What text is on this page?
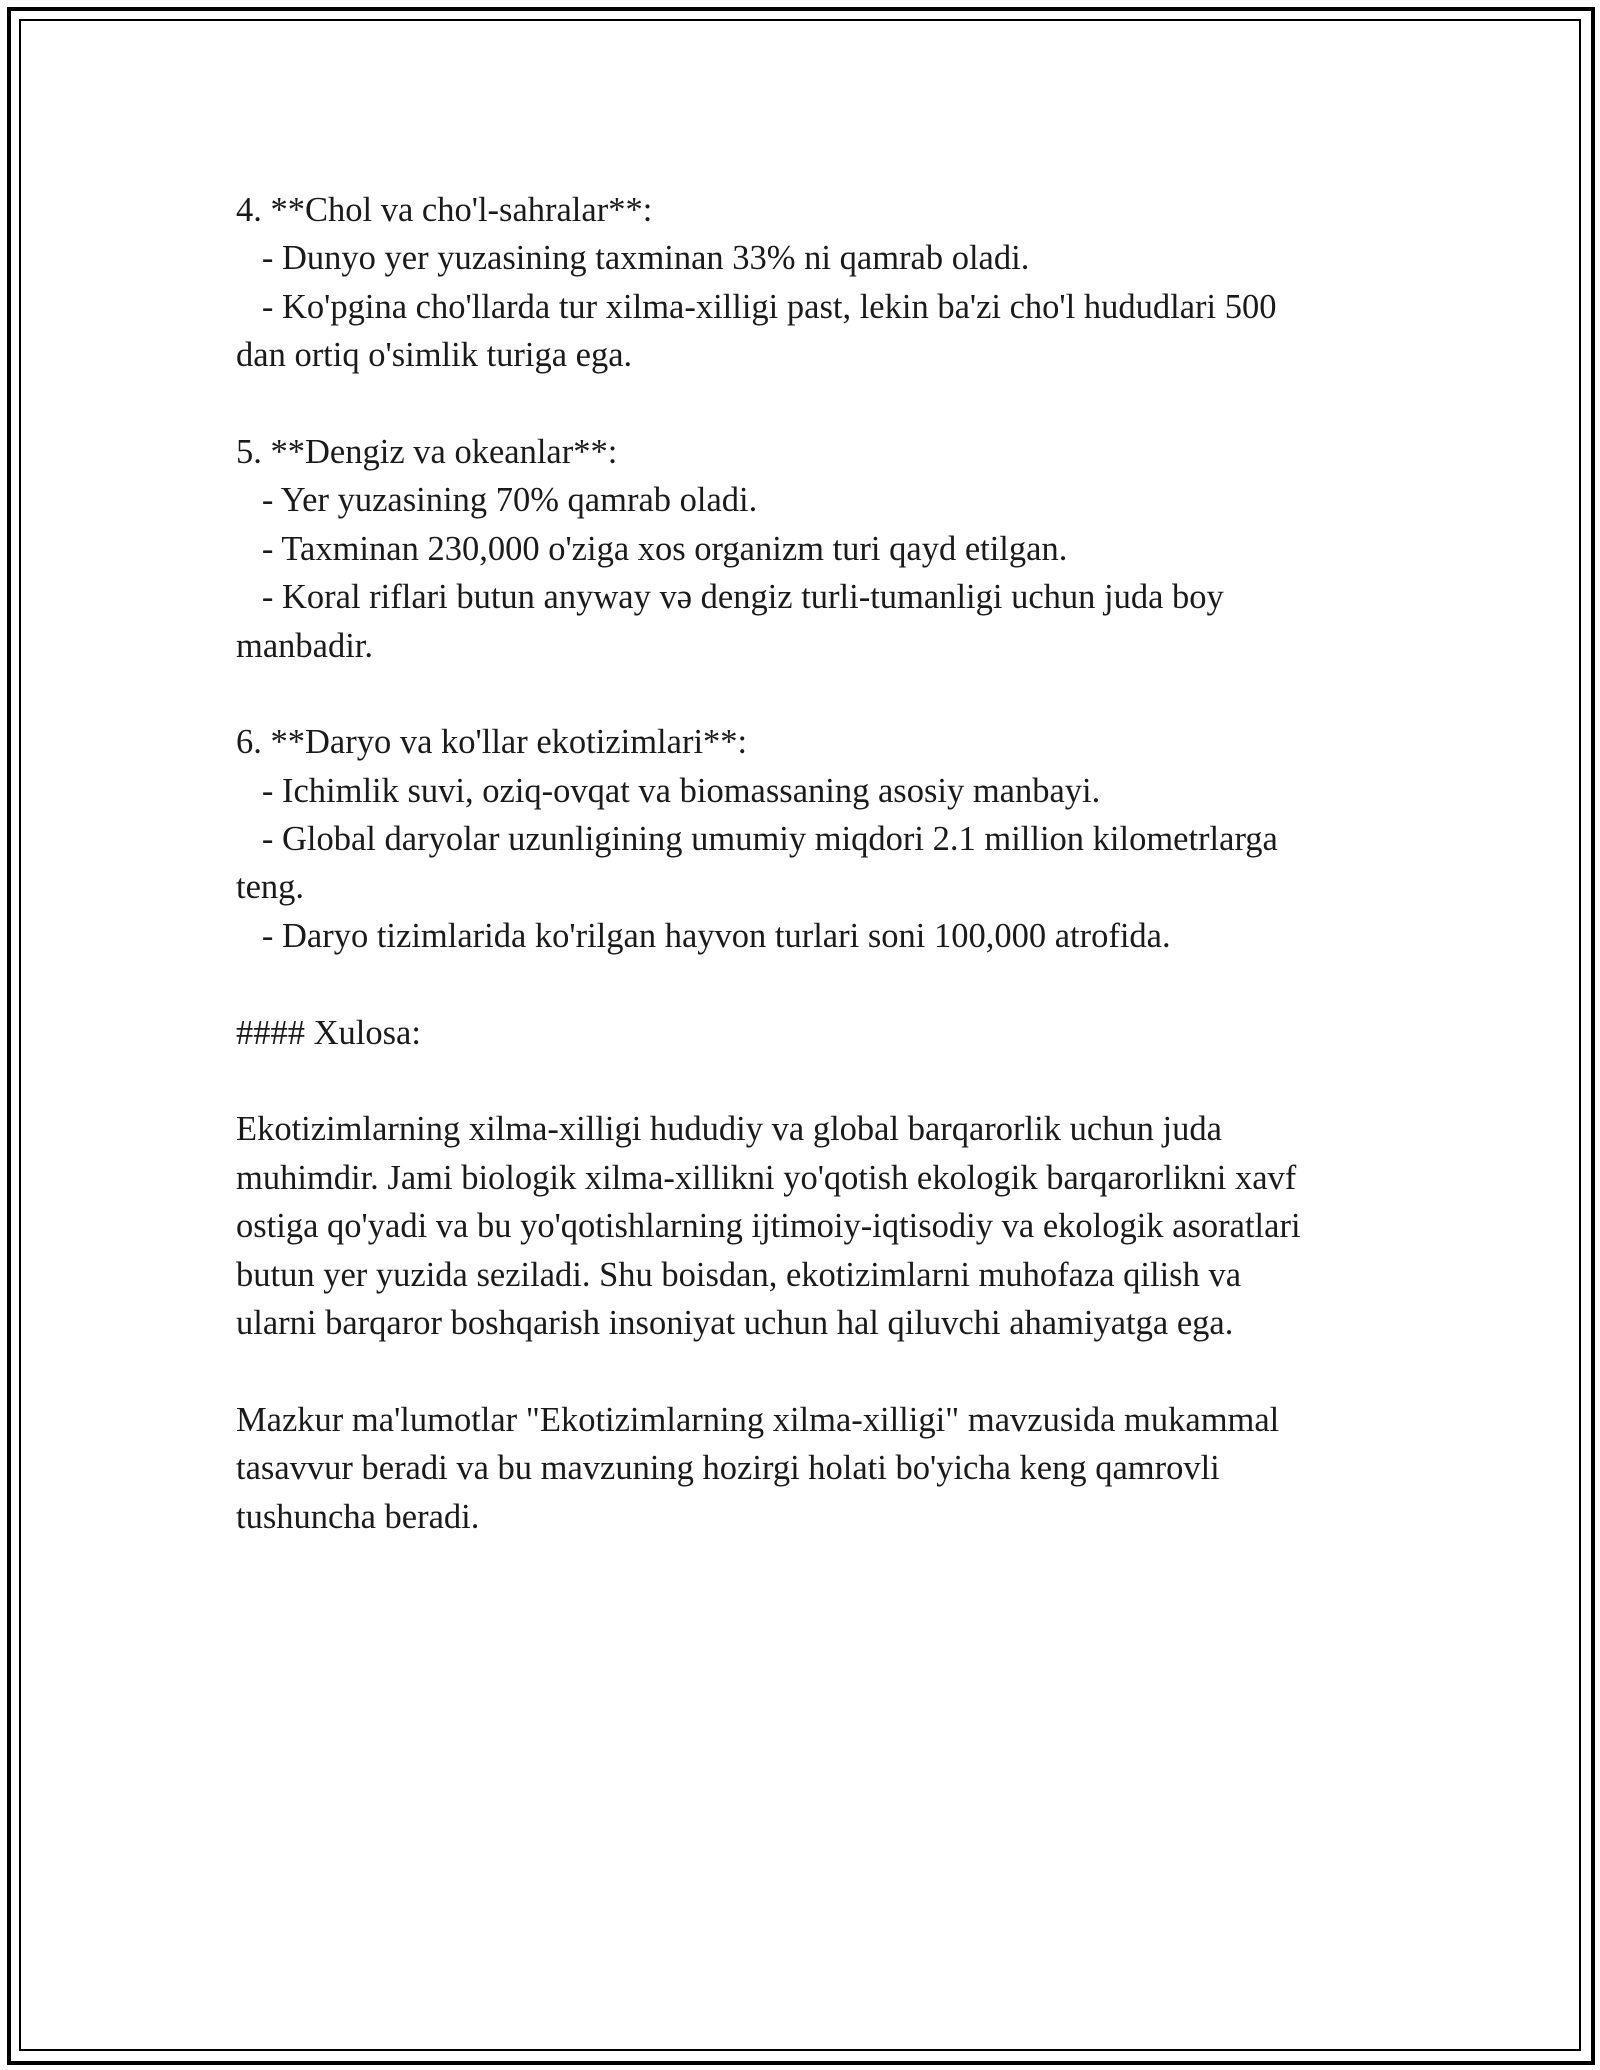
4. **Chol va cho'l-sahralar**:
- Dunyo yer yuzasining taxminan 33% ni qamrab oladi.
- Ko'pgina cho'llarda tur xilma-xilligi past, lekin ba'zi cho'l hududlari 500
dan ortiq o'simlik turiga ega.
5. **Dengiz va okeanlar**:
- Yer yuzasining 70% qamrab oladi.
- Taxminan 230,000 o'ziga xos organizm turi qayd etilgan.
- Koral riflari butun anyway və dengiz turli-tumanligi uchun juda boy
manbadir.
6. **Daryo va ko'llar ekotizimlari**:
- Ichimlik suvi, oziq-ovqat va biomassaning asosiy manbayi.
- Global daryolar uzunligining umumiy miqdori 2.1 million kilometrlarga
teng.
- Daryo tizimlarida ko'rilgan hayvon turlari soni 100,000 atrofida.
#### Xulosa:
Ekotizimlarning xilma-xilligi hududiy va global barqarorlik uchun juda
muhimdir. Jami biologik xilma-xillikni yo'qotish ekologik barqarorlikni xavf
ostiga qo'yadi va bu yo'qotishlarning ijtimoiy-iqtisodiy va ekologik asoratlari
butun yer yuzida seziladi. Shu boisdan, ekotizimlarni muhofaza qilish va
ularni barqaror boshqarish insoniyat uchun hal qiluvchi ahamiyatga ega.
Mazkur ma'lumotlar "Ekotizimlarning xilma-xilligi" mavzusida mukammal
tasavvur beradi va bu mavzuning hozirgi holati bo'yicha keng qamrovli
tushuncha beradi.
